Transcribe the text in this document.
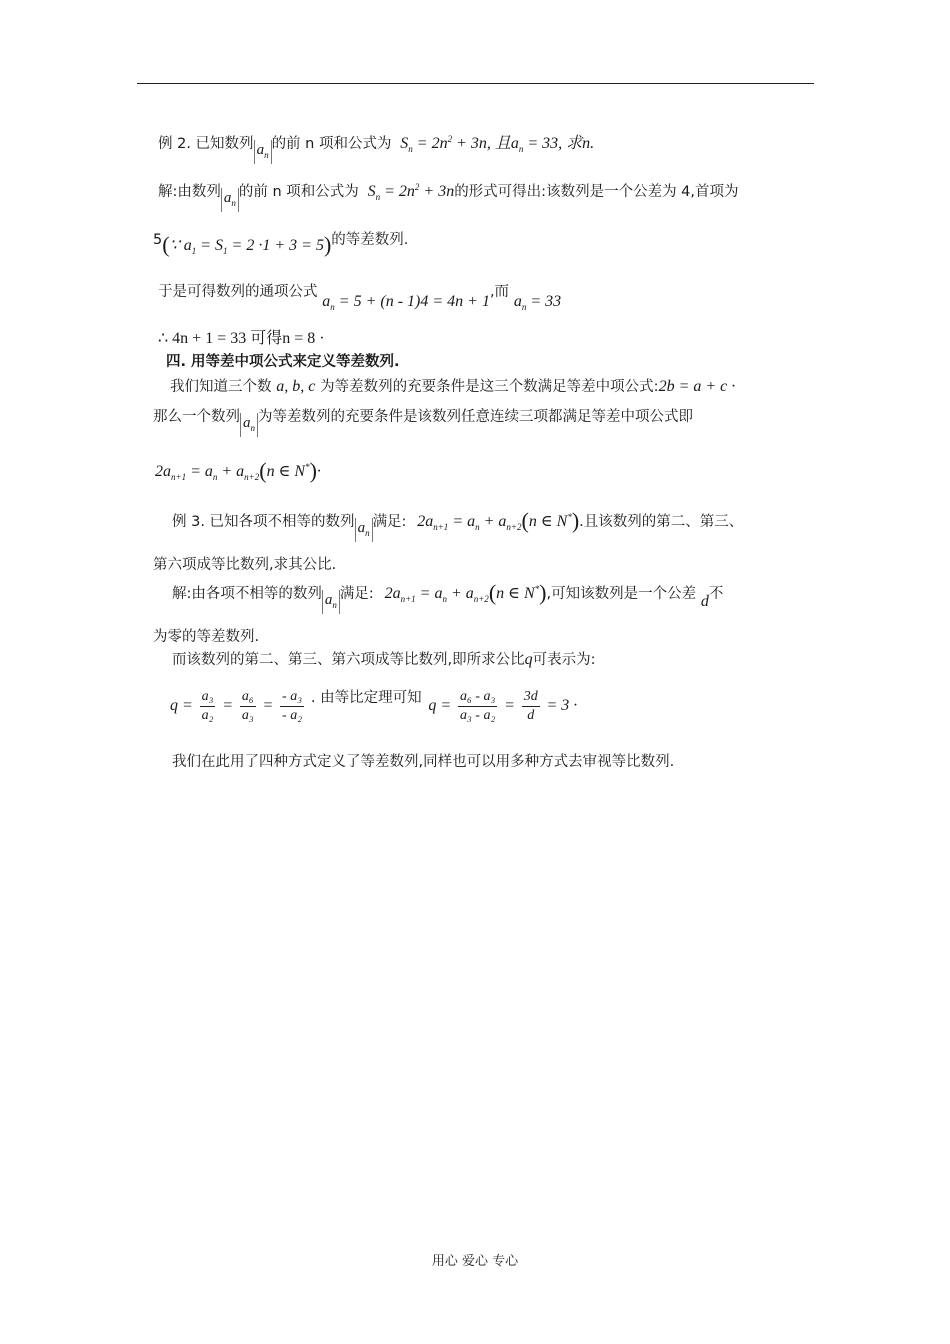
例 2. 已知数列 $a_n$的前 n 项和公式为 $S_n = 2n^2 + 3n$, 且$a_n = 33$, 求n.
解:由数列 $a_n$的前 n 项和公式为 $S_n = 2n^2 + 3n$的形式可得出:该数列是一个公差为 4,首项为
5(∵ $a_1 = S_1 = 2 \cdot 1 + 3 = 5$)的等差数列.
于是可得数列的通项公式 $a_n = 5 + (n - 1)4 = 4n + 1$,而 $a_n = 33$
∴ 4n + 1 = 33 可得n = 8 ·
四. 用等差中项公式来定义等差数列.
我们知道三个数 a, b, c 为等差数列的充要条件是这三个数满足等差中项公式:2b = a + c ·
那么一个数列 $a_n$为等差数列的充要条件是该数列任意连续三项都满足等差中项公式即
$2a_{n+1} = a_n + a_{n+2}(n$ ∈ N*)·
例 3. 已知各项不相等的数列 $a_n$满足: $2a_{n+1} = a_n + a_{n+2}(n$ ∈ N*).且该数列的第二、第三、
第六项成等比数列,求其公比.
解:由各项不相等的数列 $a_n$满足: $2a_{n+1} = a_n + a_{n+2}(n$ ∈ N*),可知该数列是一个公差 d不
为零的等差数列.
而该数列的第二、第三、第六项成等比数列,即所求公比q可表示为:
$q = \frac{\text{a₃}}{\text{a₂}} = \frac{\text{a₆}}{\text{a₃}} = \frac{\text{- a₃}}{\text{- a₂}}$ . 由等比定理可知 $q = \frac{\text{a₆ - a₃}}{\text{a₃ - a₂}} = \frac{3d}{d} = 3$ ·
我们在此用了四种方式定义了等差数列,同样也可以用多种方式去审视等比数列.
用心 爱心 专心
